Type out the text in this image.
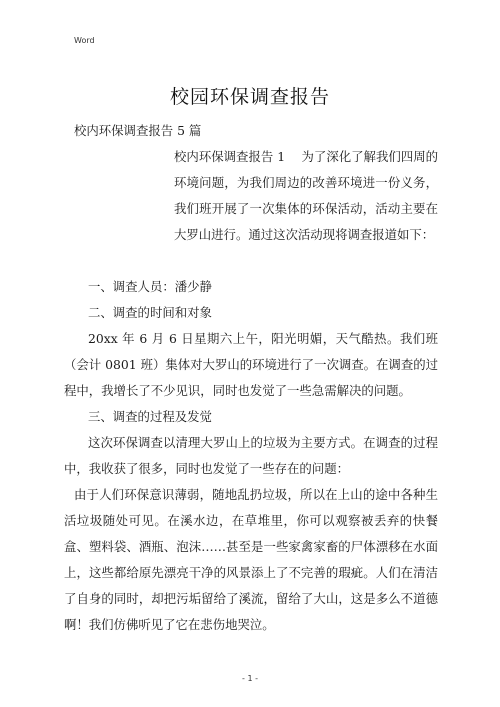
Word
校园环保调查报告

校内环保调查报告 5 篇

校内环保调查报告 1　 为了深化了解我们四周的环境问题，为我们周边的改善环境进一份义务，我们班开展了一次集体的环保活动，活动主要在大罗山进行。通过这次活动现将调查报道如下：

一、调查人员：潘少静

二、调查的时间和对象

20xx 年 6 月 6 日星期六上午，阳光明媚，天气酷热。我们班（会计 0801 班）集体对大罗山的环境进行了一次调查。在调查的过程中，我增长了不少见识，同时也发觉了一些急需解决的问题。

三、调查的过程及发觉

这次环保调查以清理大罗山上的垃圾为主要方式。在调查的过程中，我收获了很多，同时也发觉了一些存在的问题：

由于人们环保意识薄弱，随地乱扔垃圾，所以在上山的途中各种生活垃圾随处可见。在溪水边，在草堆里，你可以观察被丢弃的快餐盒、塑料袋、酒瓶、泡沫……甚至是一些家禽家畜的尸体漂移在水面上，这些都给原先漂亮干净的风景添上了不完善的瑕疵。人们在清洁了自身的同时，却把污垢留给了溪流，留给了大山，这是多么不道德啊！我们仿佛听见了它在悲伤地哭泣。

- 1 -
